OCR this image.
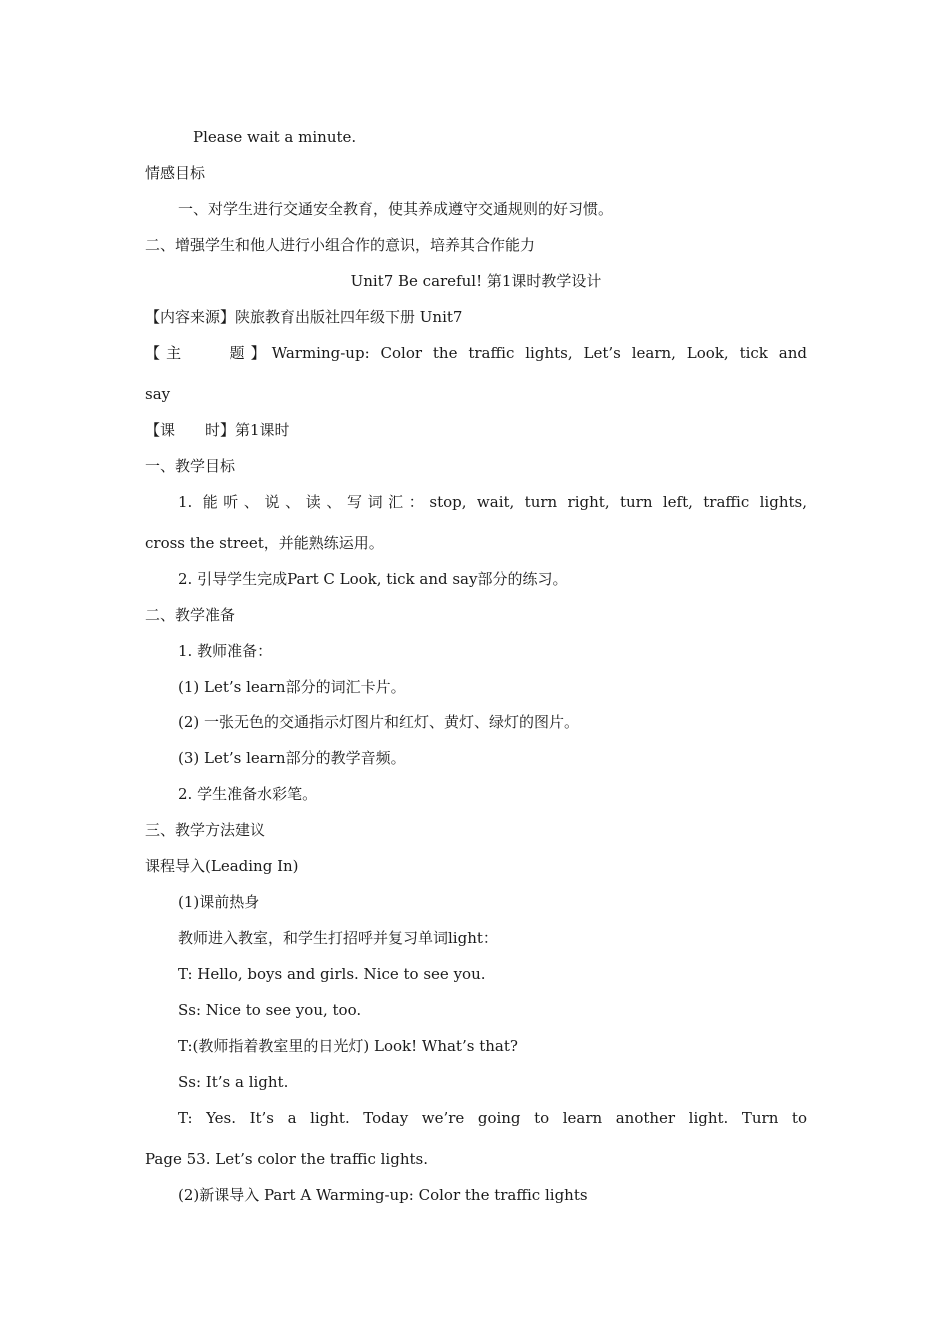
Please wait a minute.
情感目标
一、对学生进行交通安全教育，使其养成遵守交通规则的好习惯。
二、增强学生和他人进行小组合作的意识，培养其合作能力
Unit7 Be careful! 第1课时教学设计
【内容来源】陕旅教育出版社四年级下册 Unit7
【主　　题】Warming-up: Color the traffic lights, Let’s learn, Look, tick and
say
【课　　时】第1课时
一、教学目标
1. 能听、说、读、写词汇：stop, wait, turn right, turn left, traffic lights,
cross the street，并能熟练运用。
2. 引导学生完成Part C Look, tick and say部分的练习。
二、教学准备
1. 教师准备：
(1) Let’s learn部分的词汇卡片。
(2) 一张无色的交通指示灯图片和红灯、黄灯、绿灯的图片。
(3) Let’s learn部分的教学音频。
2. 学生准备水彩笔。
三、教学方法建议
课程导入(Leading In)
(1)课前热身
教师进入教室，和学生打招呼并复习单词light：
T: Hello, boys and girls. Nice to see you.
Ss: Nice to see you, too.
T:(教师指着教室里的日光灯) Look! What’s that?
Ss: It’s a light.
T: Yes. It’s a light. Today we’re going to learn another light. Turn to
Page 53. Let’s color the traffic lights.
(2)新课导入 Part A Warming-up: Color the traffic lights
